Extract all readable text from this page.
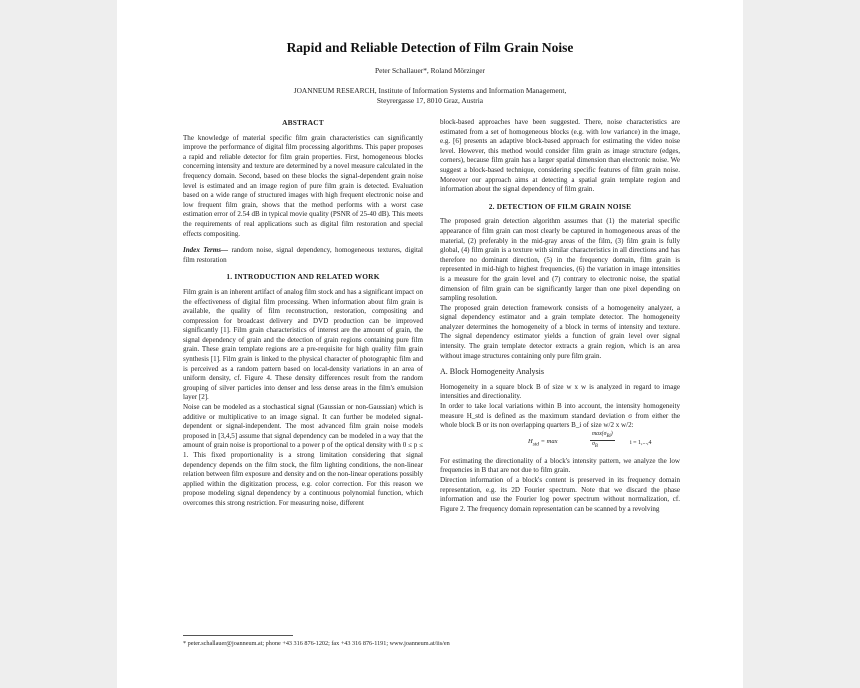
Rapid and Reliable Detection of Film Grain Noise
Peter Schallauer*, Roland Mörzinger
JOANNEUM RESEARCH, Institute of Information Systems and Information Management,
Steyrergasse 17, 8010 Graz, Austria
ABSTRACT
The knowledge of material specific film grain characteristics can significantly improve the performance of digital film processing algorithms. This paper proposes a rapid and reliable detector for film grain properties. First, homogeneous blocks concerning intensity and texture are determined by a novel measure calculated in the frequency domain. Second, based on these blocks the signal-dependent grain noise level is estimated and an image region of pure film grain is detected. Evaluation based on a wide range of structured images with high frequent electronic noise and low frequent film grain, shows that the method performs with a worst case estimation error of 2.54 dB in typical movie quality (PSNR of 25-40 dB). This meets the requirements of real applications such as digital film restoration and special effects compositing.
Index Terms— random noise, signal dependency, homogeneous textures, digital film restoration
1. INTRODUCTION AND RELATED WORK
Film grain is an inherent artifact of analog film stock and has a significant impact on the effectiveness of digital film processing. When information about film grain is available, the quality of film reconstruction, restoration, compositing and compression for broadcast delivery and DVD production can be improved significantly [1]. Film grain characteristics of interest are the amount of grain, the signal dependency of grain and the detection of grain regions containing pure film grain. These grain template regions are a pre-requisite for high quality film grain synthesis [1]. Film grain is linked to the physical character of photographic film and is perceived as a random pattern based on local-density variations in an area of uniform density, cf. Figure 4. These density differences result from the random grouping of silver particles into denser and less dense areas in the film's emulsion layer [2].
Noise can be modeled as a stochastical signal (Gaussian or non-Gaussian) which is additive or multiplicative to an image signal. It can further be modeled signal-dependent or signal-independent. The most advanced film grain noise models proposed in [3,4,5] assume that signal dependency can be modeled in a way that the amount of grain noise is proportional to a power p of the optical density with 0 ≤ p ≤ 1. This fixed proportionality is a strong limitation considering that signal dependency depends on the film stock, the film lighting conditions, the non-linear relation between film exposure and density and on the non-linear operations possibly applied within the digitization process, e.g. color correction. For this reason we propose modeling signal dependency by a continuous polynomial function, which overcomes this strong restriction. For measuring noise, different
block-based approaches have been suggested. There, noise characteristics are estimated from a set of homogeneous blocks (e.g. with low variance) in the image, e.g. [6] presents an adaptive block-based approach for estimating the video noise level. However, this method would consider film grain as image structure (edges, corners), because film grain has a larger spatial dimension than electronic noise. We suggest a block-based technique, considering specific features of film grain noise. Moreover our approach aims at detecting a spatial grain template region and information about the signal dependency of film grain.
2. DETECTION OF FILM GRAIN NOISE
The proposed grain detection algorithm assumes that (1) the material specific appearance of film grain can most clearly be captured in homogeneous areas of the material, (2) preferably in the mid-gray areas of the film, (3) film grain is fully global, (4) film grain is a texture with similar characteristics in all directions and has therefore no dominant direction, (5) in the frequency domain, film grain is represented in mid-high to highest frequencies, (6) the variation in image intensities is a measure for the grain level and (7) contrary to electronic noise, the spatial dimension of film grain can be significantly larger than one pixel depending on sampling resolution.
The proposed grain detection framework consists of a homogeneity analyzer, a signal dependency estimator and a grain template detector. The homogeneity analyzer determines the homogeneity of a block in terms of intensity and texture. The signal dependency estimator yields a function of grain level over signal intensity. The grain template detector extracts a grain region, which is an area without image structures containing only pure film grain.
A. Block Homogeneity Analysis
Homogeneity in a square block B of size w x w is analyzed in regard to image intensities and directionality.
In order to take local variations within B into account, the intensity homogeneity measure H_std is defined as the maximum standard deviation σ from either the whole block B or its non overlapping quarters B_i of size w/2 x w/2:
$H_{std} = \max$
$\max(\sigma_{Bi})$
$\sigma_B$
i = 1,...,4
For estimating the directionality of a block's intensity pattern, we analyze the low frequencies in B that are not due to film grain.
Direction information of a block's content is preserved in its frequency domain representation, e.g. its 2D Fourier spectrum. Note that we discard the phase information and use the Fourier log power spectrum without normalization, cf. Figure 2. The frequency domain representation can be scanned by a revolving
* peter.schallauer@joanneum.at; phone +43 316 876-1202; fax +43 316 876-1191; www.joanneum.at/iis/en
